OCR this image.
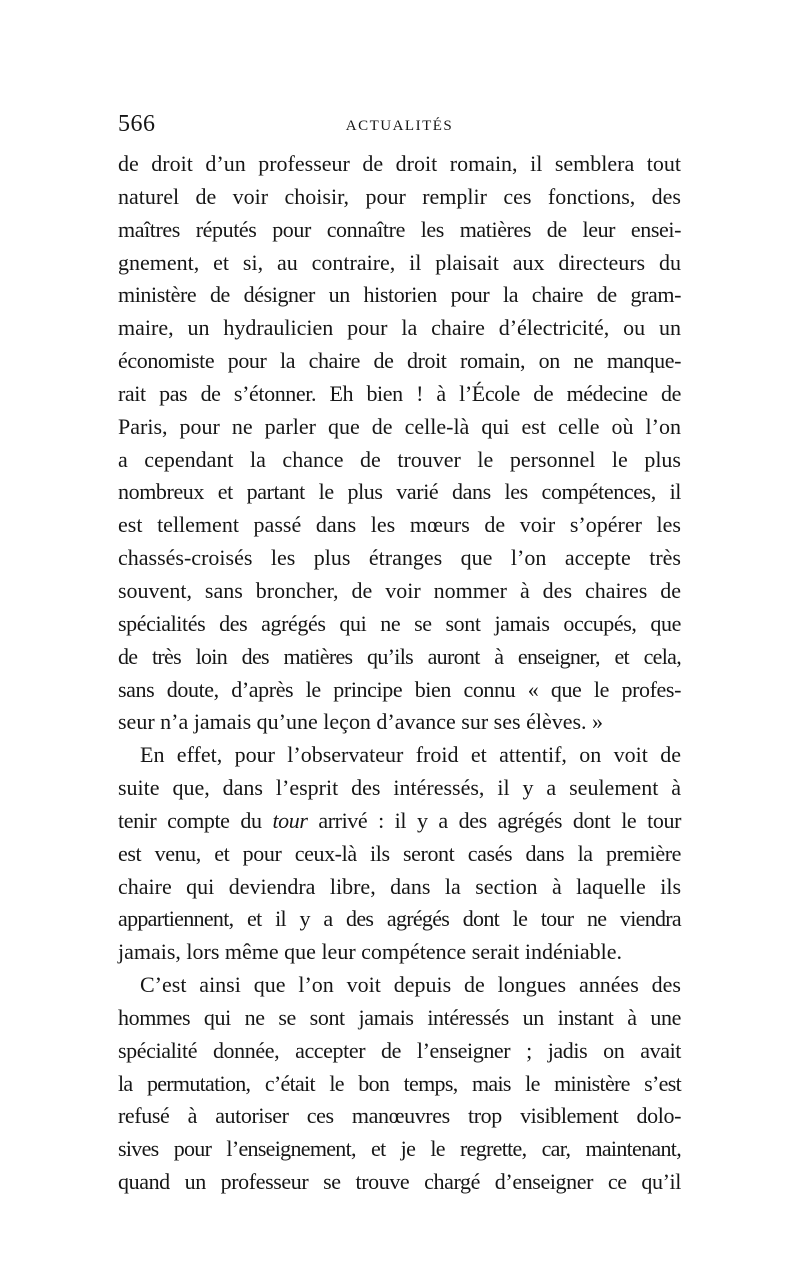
566	ACTUALITÉS

de droit d’un professeur de droit romain, il semblera tout
naturel de voir choisir, pour remplir ces fonctions, des
maîtres réputés pour connaître les matières de leur ensei-
gnement, et si, au contraire, il plaisait aux directeurs du
ministère de désigner un historien pour la chaire de gram-
maire, un hydraulicien pour la chaire d’électricité, ou un
économiste pour la chaire de droit romain, on ne manque-
rait pas de s’étonner. Eh bien ! à l’École de médecine de
Paris, pour ne parler que de celle-là qui est celle où l’on
a cependant la chance de trouver le personnel le plus
nombreux et partant le plus varié dans les compétences, il
est tellement passé dans les mœurs de voir s’opérer les
chassés-croisés les plus étranges que l’on accepte très
souvent, sans broncher, de voir nommer à des chaires de
spécialités des agrégés qui ne se sont jamais occupés, que
de très loin des matières qu’ils auront à enseigner, et cela,
sans doute, d’après le principe bien connu « que le profes-
seur n’a jamais qu’une leçon d’avance sur ses élèves. »

En effet, pour l’observateur froid et attentif, on voit de
suite que, dans l’esprit des intéressés, il y a seulement à
tenir compte du tour arrivé : il y a des agrégés dont le tour
est venu, et pour ceux-là ils seront casés dans la première
chaire qui deviendra libre, dans la section à laquelle ils
appartiennent, et il y a des agrégés dont le tour ne viendra
jamais, lors même que leur compétence serait indéniable.

C’est ainsi que l’on voit depuis de longues années des
hommes qui ne se sont jamais intéressés un instant à une
spécialité donnée, accepter de l’enseigner ; jadis on avait
la permutation, c’était le bon temps, mais le ministère s’est
refusé à autoriser ces manœuvres trop visiblement dolo-
sives pour l’enseignement, et je le regrette, car, maintenant,
quand un professeur se trouve chargé d’enseigner ce qu’il
